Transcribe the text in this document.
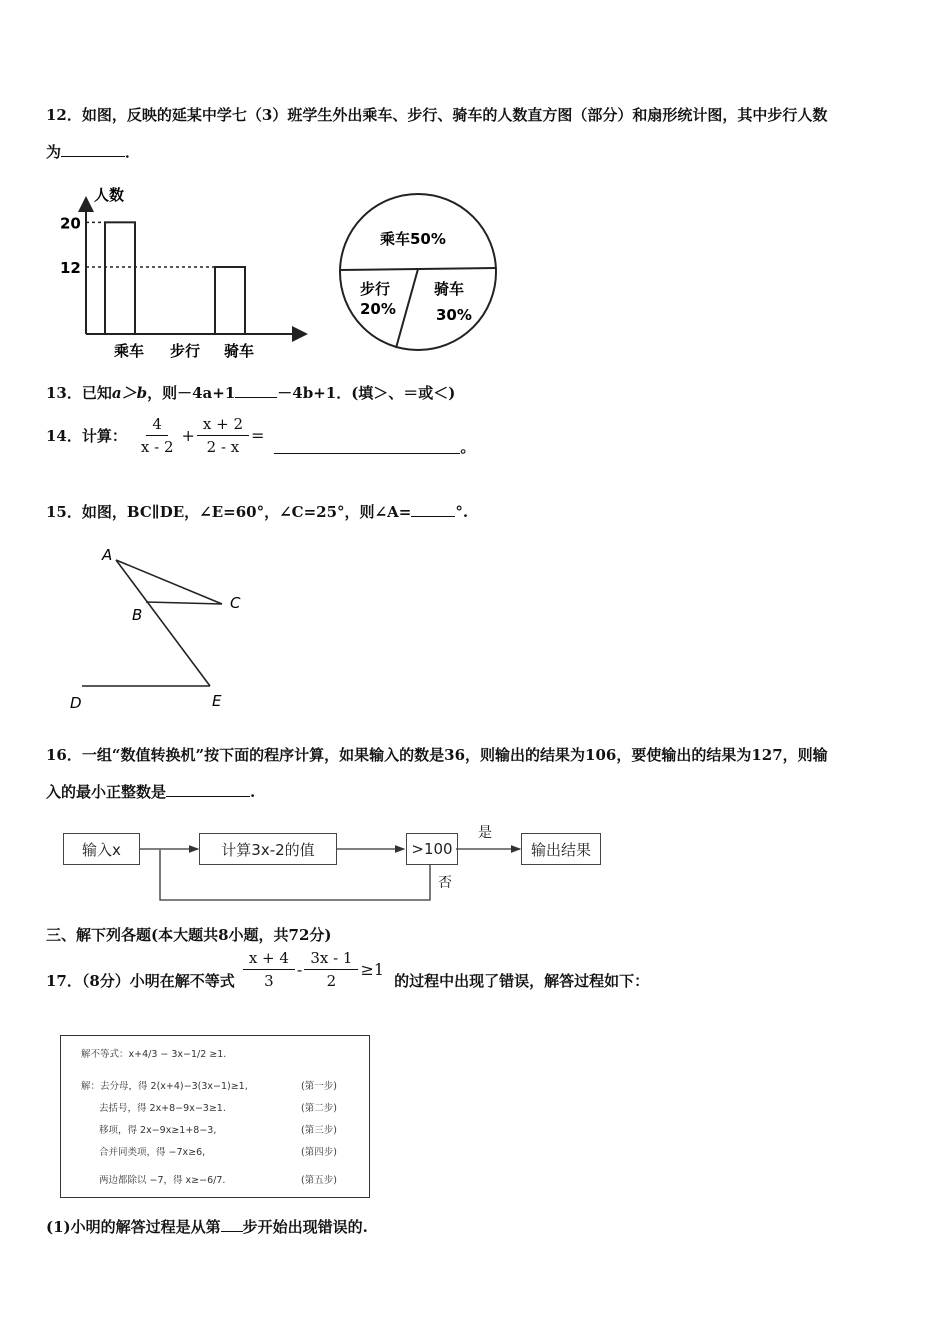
12．如图，反映的延某中学七（3）班学生外出乘车、步行、骑车的人数直方图（部分）和扇形统计图，其中步行人数
为	．
人数
乘车 步行 骑车
20
12
乘车50%
步行
20%
骑车
30%
13．已知a＞b，则－4a+1	－4b+1．(填＞、＝或＜)
14．计算： $\frac{4}{x - 2} + \frac{x + 2}{2 - x}$ =
。
15．如图，BC∥DE，∠E=60°，∠C=25°，则∠A=	°.
A
B
C
D	E
16．一组“数值转换机”按下面的程序计算，如果输入的数是36，则输出的结果为106，要使输出的结果为127，则输
入的最小正整数是	.
输入x	计算3x-2的值	>100	输出结果
是
否
三、解下列各题(本大题共8小题，共72分)
17．（8分）小明在解不等式 $\frac{x + 4}{3} - \frac{3x - 1}{2} \ge 1$
的过程中出现了错误，解答过程如下：
解不等式：x+4/3 − 3x−1/2 ≥1.
解：去分母，得 2(x+4)−3(3x−1)≥1,	(第一步)
去括号，得 2x+8−9x−3≥1.	(第二步)
移项，得 2x−9x≥1+8−3,	(第三步)
合并同类项，得 −7x≥6,	(第四步)
两边都除以 −7，得 x≥−6/7.	(第五步)
(1)小明的解答过程是从第 步开始出现错误的.
